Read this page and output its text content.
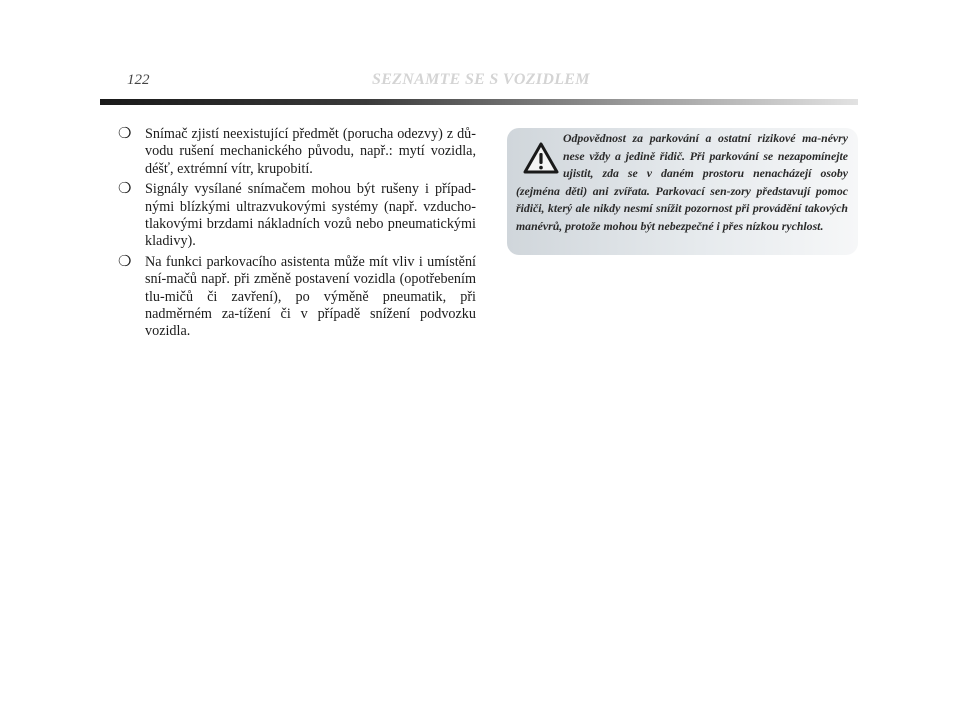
122	SEZNAMTE SE S VOZIDLEM
❍ Snímač zjistí neexistující předmět (porucha odezvy) z dů-vodu rušení mechanického původu, např.: mytí vozidla, déšť, extrémní vítr, krupobití.
❍ Signály vysílané snímačem mohou být rušeny i případ-nými blízkými ultrazvukovými systémy (např. vzducho-tlakovými brzdami nákladních vozů nebo pneumatickými kladivy).
❍ Na funkci parkovacího asistenta může mít vliv i umístění sní-mačů např. při změně postavení vozidla (opotřebením tlu-mičů či zavření), po výměně pneumatik, při nadměrném za-tížení či v případě snížení podvozku vozidla.
Odpovědnost za parkování a ostatní rizikové ma-névry nese vždy a jedině řidič. Při parkování se nezapomínejte ujistit, zda se v daném prostoru nenacházejí osoby (zejména děti) ani zvířata. Parkovací sen-zory představují pomoc řidiči, který ale nikdy nesmí snížit pozornost při provádění takových manévrů, protože mohou být nebezpečné i přes nízkou rychlost.
